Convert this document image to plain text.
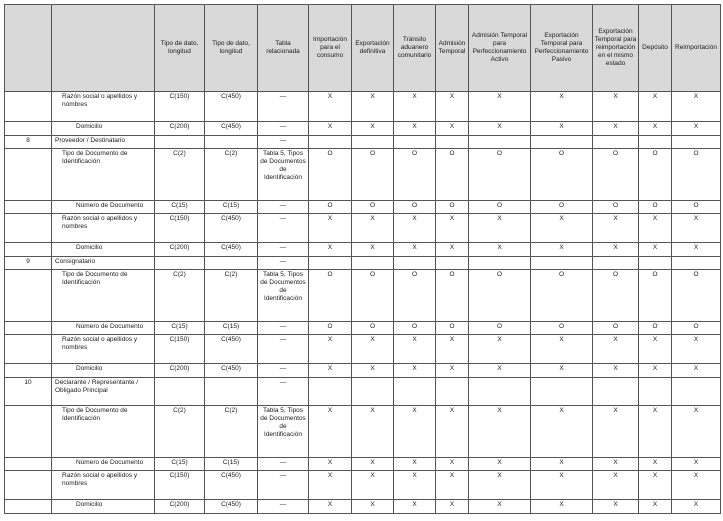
		Tipo de dato, longitud	Tipo de dato, longitud	Tabla relacionada	Importación para el consumo	Exportación definitiva	Tránsito aduanero comunitario	Admisión Temporal	Admisión Temporal para Perfeccionamiento Activo	Exportación Temporal para Perfeccionamiento Pasivo	Exportación Temporal para reimportación en el mismo estado	Depósito	Reimportación
	Razón social o apellidos y nombres	C(150)	C(450)	—	X	X	X	X	X	X	X	X	X
	Domicilio	C(200)	C(450)	—	X	X	X	X	X	X	X	X	X
8	Proveedor / Destinatario			—									
	Tipo de Documento de Identificación	C(2)	C(2)	Tabla 5, Tipos de Documentos de Identificación	O	O	O	O	O	O	O	O	O
	Número de Documento	C(15)	C(15)	—	O	O	O	O	O	O	O	O	O
	Razón social o apellidos y nombres	C(150)	C(450)	—	X	X	X	X	X	X	X	X	X
	Domicilio	C(200)	C(450)	—	X	X	X	X	X	X	X	X	X
9	Consignatario			—									
	Tipo de Documento de Identificación	C(2)	C(2)	Tabla 5, Tipos de Documentos de Identificación	O	O	O	O	O	O	O	O	O
	Número de Documento	C(15)	C(15)	—	O	O	O	O	O	O	O	O	O
	Razón social o apellidos y nombres	C(150)	C(450)	—	X	X	X	X	X	X	X	X	X
	Domicilio	C(200)	C(450)	—	X	X	X	X	X	X	X	X	X
10	Declarante / Representante / Obligado Principal			—									
	Tipo de Documento de Identificación	C(2)	C(2)	Tabla 5, Tipos de Documentos de Identificación	X	X	X	X	X	X	X	X	X
	Número de Documento	C(15)	C(15)	—	X	X	X	X	X	X	X	X	X
	Razón social o apellidos y nombres	C(150)	C(450)	—	X	X	X	X	X	X	X	X	X
	Domicilio	C(200)	C(450)	—	X	X	X	X	X	X	X	X	X
